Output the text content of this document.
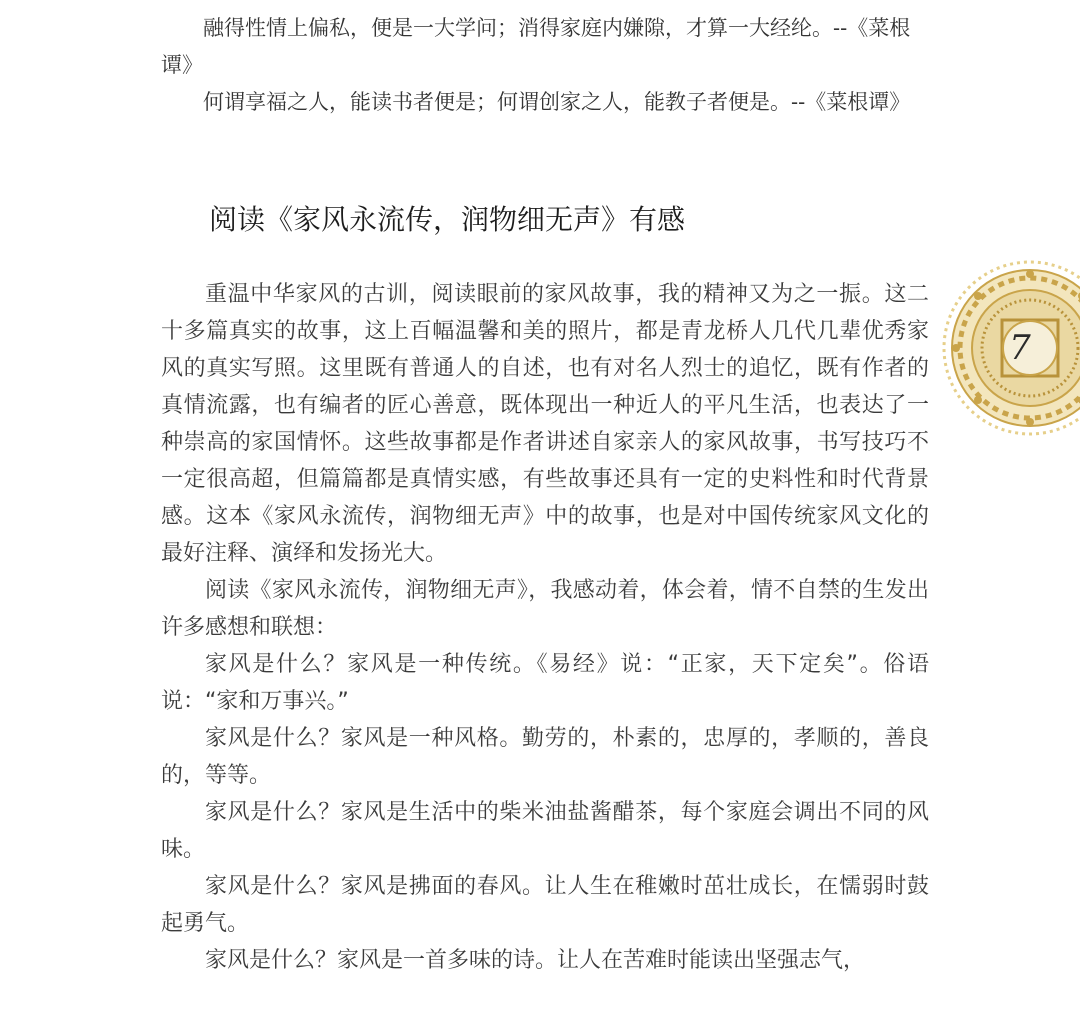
融得性情上偏私，便是一大学问；消得家庭内嫌隙，才算一大经纶。--《菜根谭》

何谓享福之人，能读书者便是；何谓创家之人，能教子者便是。--《菜根谭》

阅读《家风永流传，润物细无声》有感

重温中华家风的古训，阅读眼前的家风故事，我的精神又为之一振。这二十多篇真实的故事，这上百幅温馨和美的照片，都是青龙桥人几代几辈优秀家风的真实写照。这里既有普通人的自述，也有对名人烈士的追忆，既有作者的真情流露，也有编者的匠心善意，既体现出一种近人的平凡生活，也表达了一种崇高的家国情怀。这些故事都是作者讲述自家亲人的家风故事，书写技巧不一定很高超，但篇篇都是真情实感，有些故事还具有一定的史料性和时代背景感。这本《家风永流传，润物细无声》中的故事，也是对中国传统家风文化的最好注释、演绎和发扬光大。

阅读《家风永流传，润物细无声》，我感动着，体会着，情不自禁的生发出许多感想和联想：

家风是什么？家风是一种传统。《易经》说：“正家，天下定矣”。俗语说：“家和万事兴。”

家风是什么？家风是一种风格。勤劳的，朴素的，忠厚的，孝顺的，善良的，等等。

家风是什么？家风是生活中的柴米油盐酱醋茶，每个家庭会调出不同的风味。

家风是什么？家风是拂面的春风。让人生在稚嫩时茁壮成长，在懦弱时鼓起勇气。

家风是什么？家风是一首多味的诗。让人在苦难时能读出坚强志气，

7
